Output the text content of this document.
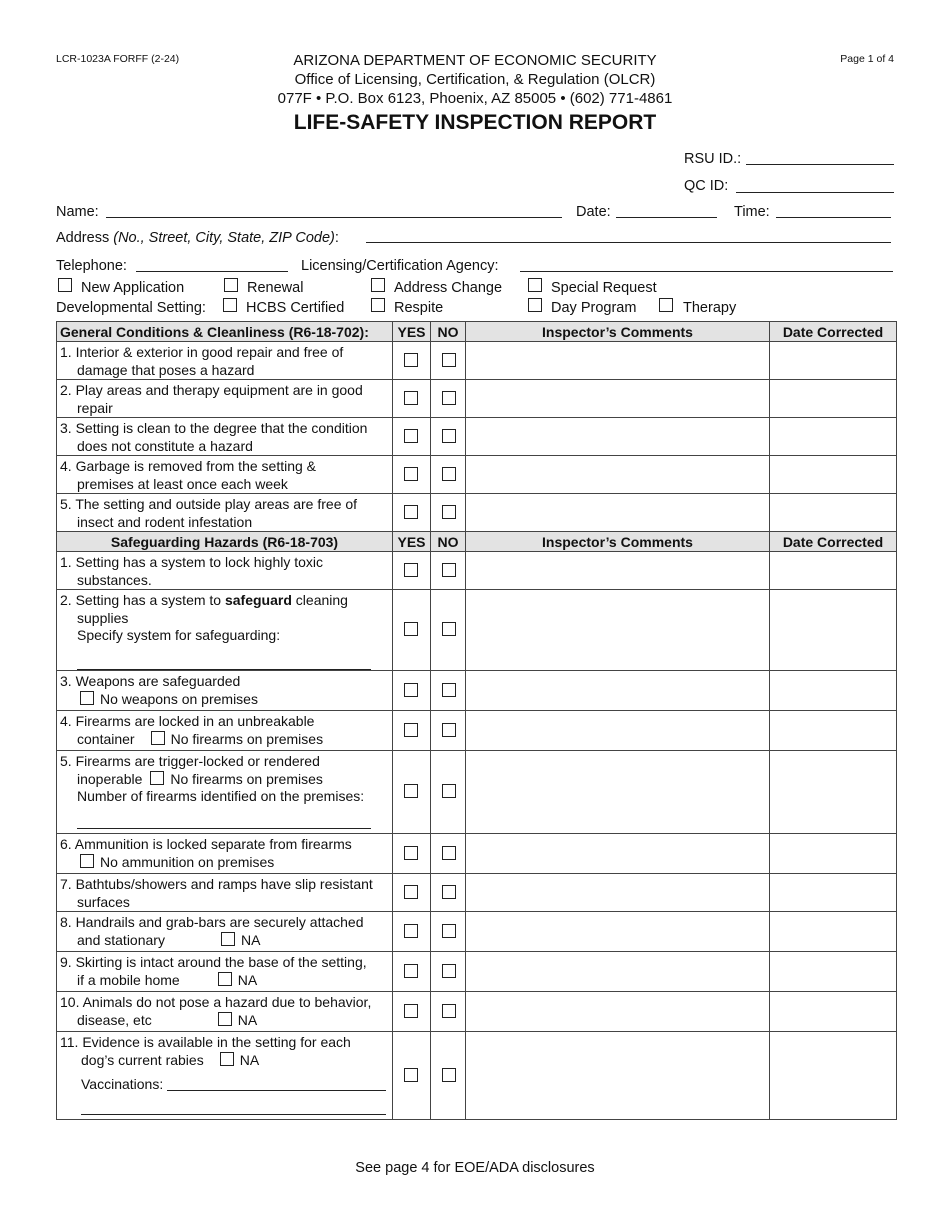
LCR-1023A FORFF (2-24)	Page 1 of 4
ARIZONA DEPARTMENT OF ECONOMIC SECURITY
Office of Licensing, Certification, & Regulation (OLCR)
077F • P.O. Box 6123, Phoenix, AZ 85005 • (602) 771-4861
LIFE-SAFETY INSPECTION REPORT
RSU ID.:
QC ID:
Name:	Date:	Time:
Address (No., Street, City, State, ZIP Code):
Telephone:	Licensing/Certification Agency:
New Application	Renewal	Address Change	Special Request
Developmental Setting:	HCBS Certified	Respite	Day Program	Therapy
General Conditions & Cleanliness (R6-18-702):	YES	NO	Inspector’s Comments	Date Corrected
1. Interior & exterior in good repair and free of
damage that poses a hazard				

2. Play areas and therapy equipment are in good
repair				

3. Setting is clean to the degree that the condition
does not constitute a hazard				

4. Garbage is removed from the setting &
premises at least once each week				

5. The setting and outside play areas are free of
insect and rodent infestation				

Safeguarding Hazards (R6-18-703)	YES	NO	Inspector’s Comments	Date Corrected
1. Setting has a system to lock highly toxic
substances.				

2. Setting has a system to safeguard cleaning
supplies
Specify system for safeguarding:				

3. Weapons are safeguarded
No weapons on premises				

4. Firearms are locked in an unbreakable
container No firearms on premises				

5. Firearms are trigger-locked or rendered
inoperable No firearms on premises
Number of firearms identified on the premises:				

6. Ammunition is locked separate from firearms
No ammunition on premises				

7. Bathtubs/showers and ramps have slip resistant
surfaces				

8. Handrails and grab-bars are securely attached
and stationary NA				

9. Skirting is intact around the base of the setting,
if a mobile home NA				

10. Animals do not pose a hazard due to behavior,
disease, etc NA				

11. Evidence is available in the setting for each
dog’s current rabies NA
Vaccinations:				

See page 4 for EOE/ADA disclosures
